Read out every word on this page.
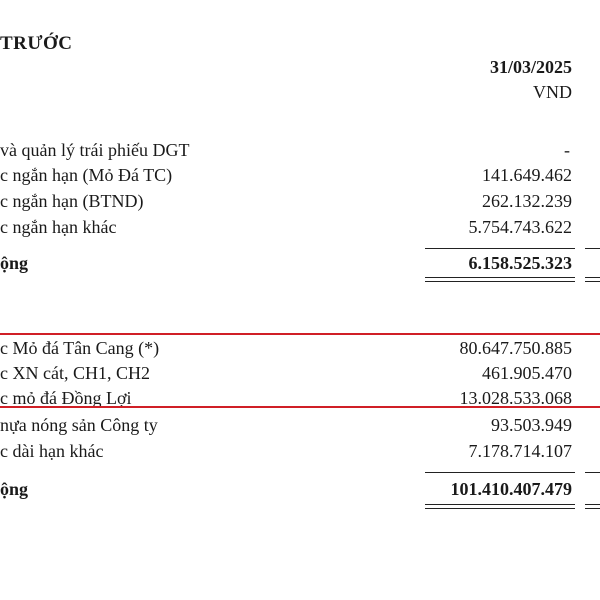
TRƯỚC
31/03/2025
VND
và quản lý trái phiếu DGT	-
c ngắn hạn (Mỏ Đá TC)	141.649.462
c ngắn hạn (BTND)	262.132.239
c ngắn hạn khác	5.754.743.622
ộng	6.158.525.323
c Mỏ đá Tân Cang (*)	80.647.750.885
c XN cát, CH1, CH2	461.905.470
c mỏ đá Đồng Lợi	13.028.533.068
nựa nóng sản Công ty	93.503.949
c dài hạn khác	7.178.714.107
ộng	101.410.407.479
